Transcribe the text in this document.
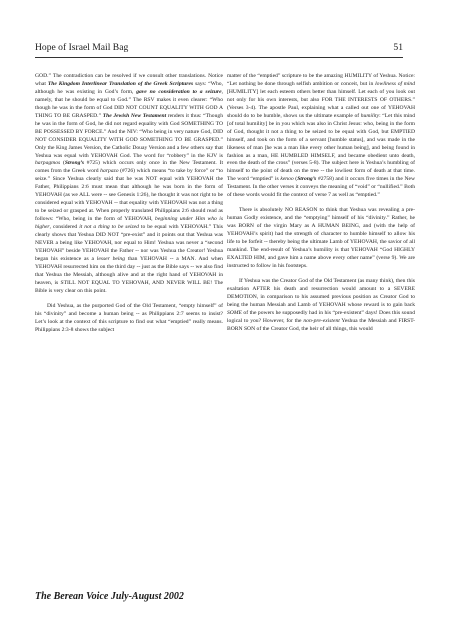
Hope of Israel Mail Bag	51

GOD.” The contradiction can be resolved if we consult other translations. Notice what The Kingdom Interlinear Translation of the Greek Scriptures says: “Who, although he was existing in God’s form, gave no consideration to a seizure, namely, that he should be equal to God.” The RSV makes it even clearer: “Who though he was in the form of God DID NOT COUNT EQUALITY WITH GOD A THING TO BE GRASPED.” The Jewish New Testament renders it thus: “Though he was in the form of God, he did not regard equality with God SOMETHING TO BE POSSESSED BY FORCE.” And the NIV: “Who being in very nature God, DID NOT CONSIDER EQUALITY WITH GOD SOMETHING TO BE GRASPED.” Only the King James Version, the Catholic Douay Version and a few others say that Yeshua was equal with YEHOVAH God. The word for “robbery” in the KJV is harpagmos (Strong’s #725) which occurs only once in the New Testament. It comes from the Greek word harpazo (#726) which means “to take by force” or “to seize.” Since Yeshua clearly said that he was NOT equal with YEHOVAH the Father, Philippians 2:6 must mean that although he was born in the form of YEHOVAH (as we ALL were -- see Genesis 1:26), he thought it was not right to be considered equal with YEHOVAH -- that equality with YEHOVAH was not a thing to be seized or grasped at. When properly translated Philippians 2:6 should read as follows: “Who, being in the form of YEHOVAH, beginning under Him who is higher, considered it not a thing to be seized to be equal with YEHOVAH.” This clearly shows that Yeshua DID NOT “pre-exist” and it points out that Yeshua was NEVER a being like YEHOVAH, nor equal to Him! Yeshua was never a “second YEHOVAH” beside YEHOVAH the Father -- nor was Yeshua the Creator! Yeshua began his existence as a lesser being than YEHOVAH -- a MAN. And when YEHOVAH resurrected him on the third day -- just as the Bible says -- we also find that Yeshua the Messiah, although alive and at the right hand of YEHOVAH in heaven, is STILL NOT EQUAL TO YEHOVAH, AND NEVER WILL BE! The Bible is very clear on this point.

Did Yeshua, as the purported God of the Old Testament, “empty himself” of his “divinity” and become a human being -- as Philippians 2:7 seems to insist? Let’s look at the context of this scripture to find out what “emptied” really means. Philippians 2:3-8 shows the subject

matter of the “emptied” scripture to be the amazing HUMILITY of Yeshua. Notice: “Let nothing be done through selfish ambition or conceit, but in lowliness of mind [HUMILITY] let each esteem others better than himself. Let each of you look out not only for his own interests, but also FOR THE INTERESTS OF OTHERS.” (Verses 3-4). The apostle Paul, explaining what a called out one of YEHOVAH should do to be humble, shows us the ultimate example of humility: “Let this mind [of total humility] be in you which was also in Christ Jesus: who, being in the form of God, thought it not a thing to be seized to be equal with God, but EMPTIED himself, and took on the form of a servant [humble status], and was made in the likeness of man [he was a man like every other human being], and being found in fashion as a man, HE HUMBLED HIMSELF, and became obedient unto death, even the death of the cross” (verses 5-8). The subject here is Yeshua’s humbling of himself to the point of death on the tree -- the lowliest form of death at that time. The word “emptied” is kenoo (Strong’s #2758) and it occurs five times in the New Testament. In the other verses it conveys the meaning of “void” or “nullified.” Both of these words would fit the context of verse 7 as well as “emptied.”

There is absolutely NO REASON to think that Yeshua was revealing a pre-human Godly existence, and the “emptying” himself of his “divinity.” Rather, he was BORN of the virgin Mary as A HUMAN BEING, and (with the help of YEHOVAH’s spirit) had the strength of character to humble himself to allow his life to be forfeit -- thereby being the ultimate Lamb of YEHOVAH, the savior of all mankind. The end-result of Yeshua’s humility is that YEHOVAH “God HIGHLY EXALTED HIM, and gave him a name above every other name” (verse 9). We are instructed to follow in his footsteps.

If Yeshua was the Creator God of the Old Testament (as many think), then this exaltation AFTER his death and resurrection would amount to a SEVERE DEMOTION, in comparison to his assumed previous position as Creator God to being the human Messiah and Lamb of YEHOVAH whose reward is to gain back SOME of the powers he supposedly had in his “pre-existent” days! Does this sound logical to you? However, for the non-pre-existent Yeshua the Messiah and FIRST-BORN SON of the Creator God, the heir of all things, this would

The Berean Voice July-August 2002
